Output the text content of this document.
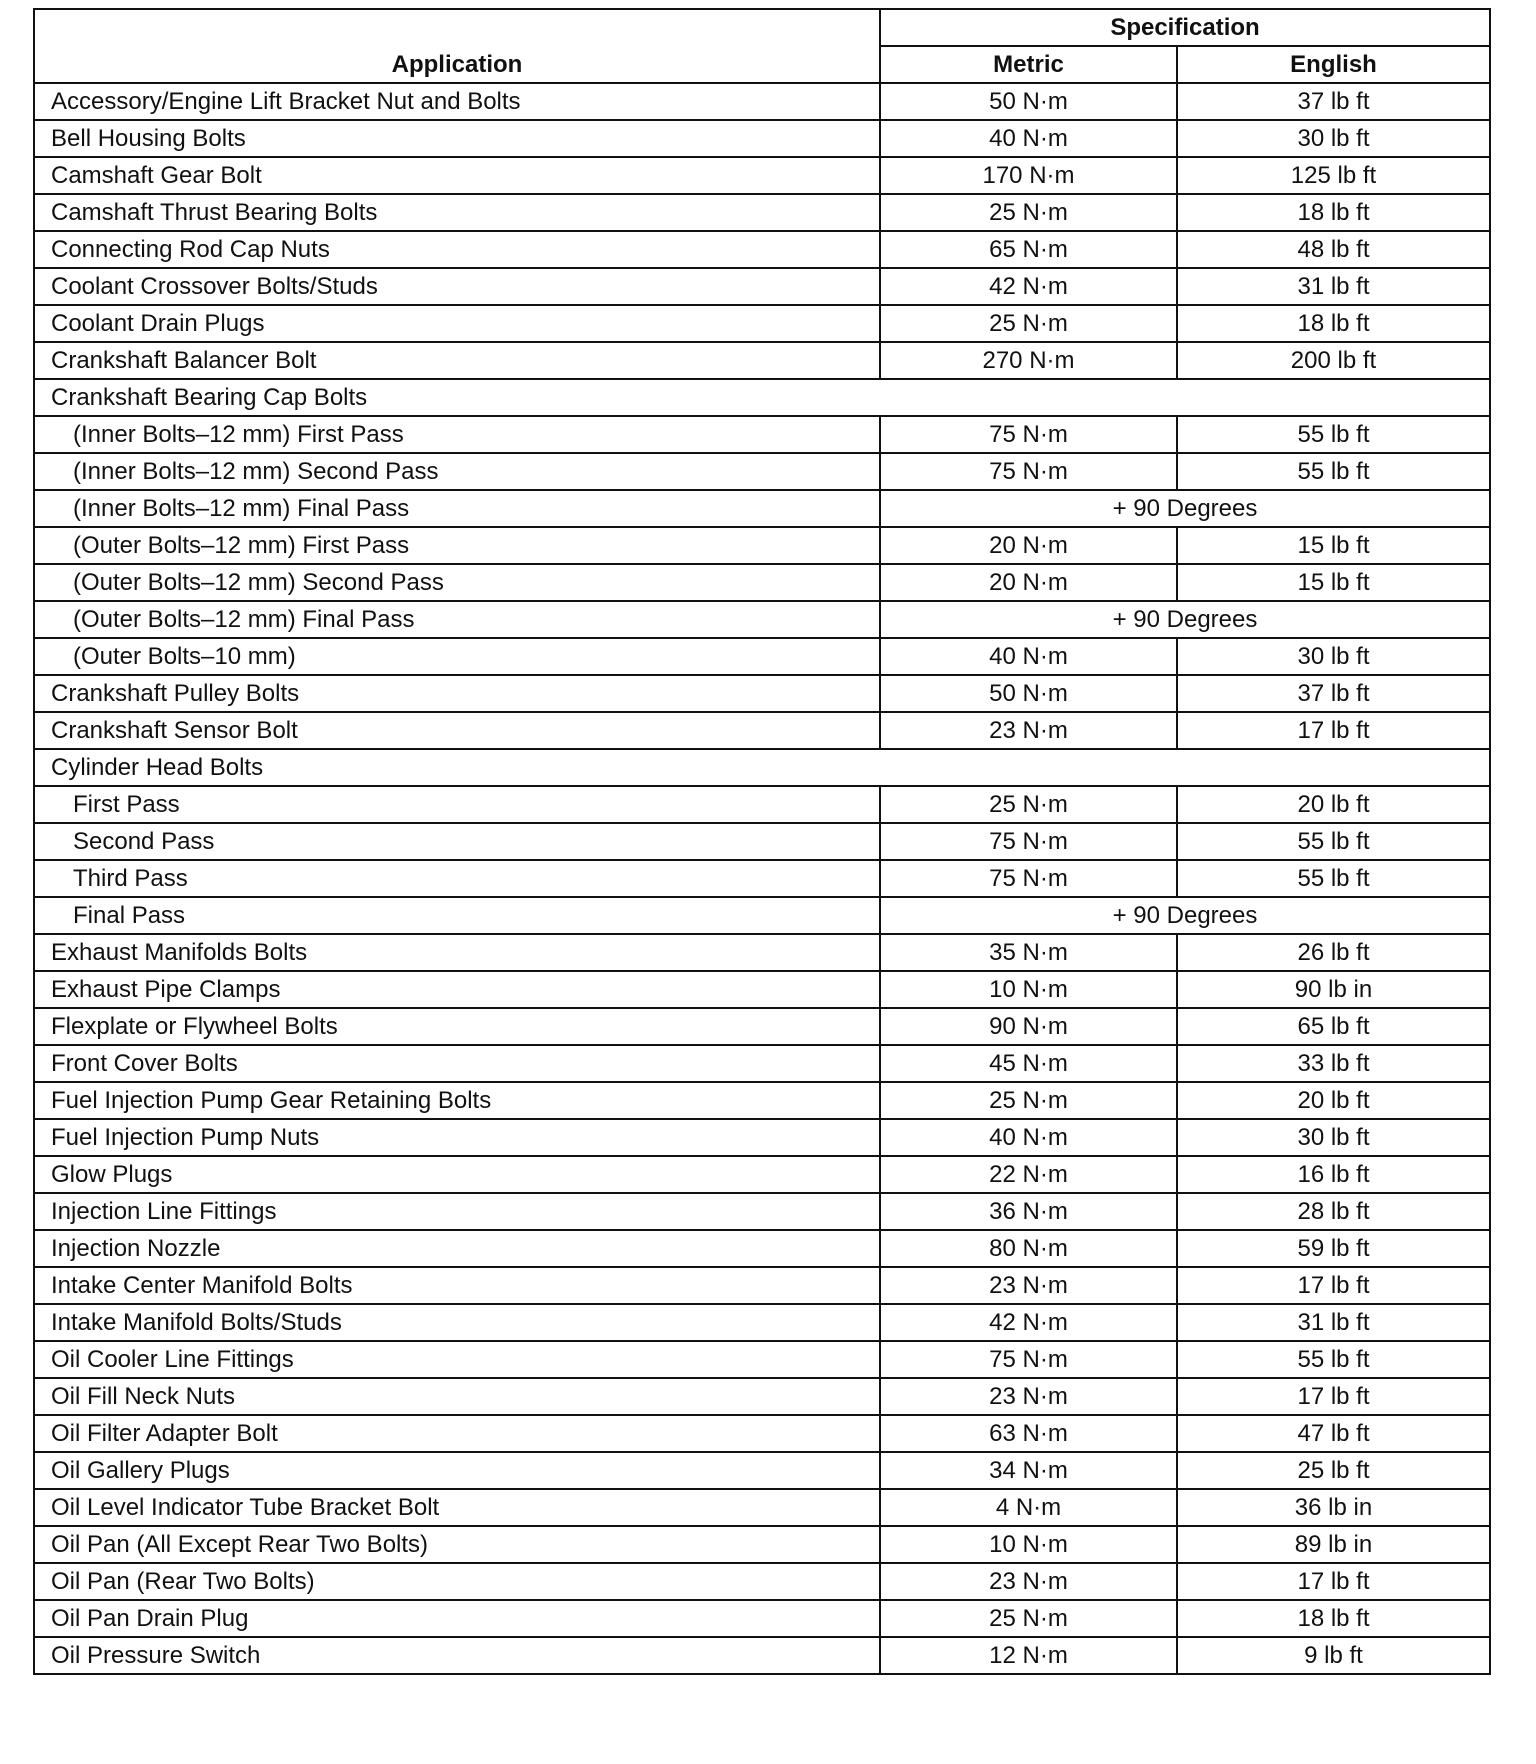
Application	Specification	
	Metric	English
Accessory/Engine Lift Bracket Nut and Bolts	50 N·m	37 lb ft
Bell Housing Bolts	40 N·m	30 lb ft
Camshaft Gear Bolt	170 N·m	125 lb ft
Camshaft Thrust Bearing Bolts	25 N·m	18 lb ft
Connecting Rod Cap Nuts	65 N·m	48 lb ft
Coolant Crossover Bolts/Studs	42 N·m	31 lb ft
Coolant Drain Plugs	25 N·m	18 lb ft
Crankshaft Balancer Bolt	270 N·m	200 lb ft
Crankshaft Bearing Cap Bolts		
(Inner Bolts–12 mm) First Pass	75 N·m	55 lb ft
(Inner Bolts–12 mm) Second Pass	75 N·m	55 lb ft
(Inner Bolts–12 mm) Final Pass	+ 90 Degrees	
(Outer Bolts–12 mm) First Pass	20 N·m	15 lb ft
(Outer Bolts–12 mm) Second Pass	20 N·m	15 lb ft
(Outer Bolts–12 mm) Final Pass	+ 90 Degrees	
(Outer Bolts–10 mm)	40 N·m	30 lb ft
Crankshaft Pulley Bolts	50 N·m	37 lb ft
Crankshaft Sensor Bolt	23 N·m	17 lb ft
Cylinder Head Bolts		
First Pass	25 N·m	20 lb ft
Second Pass	75 N·m	55 lb ft
Third Pass	75 N·m	55 lb ft
Final Pass	+ 90 Degrees	
Exhaust Manifolds Bolts	35 N·m	26 lb ft
Exhaust Pipe Clamps	10 N·m	90 lb in
Flexplate or Flywheel Bolts	90 N·m	65 lb ft
Front Cover Bolts	45 N·m	33 lb ft
Fuel Injection Pump Gear Retaining Bolts	25 N·m	20 lb ft
Fuel Injection Pump Nuts	40 N·m	30 lb ft
Glow Plugs	22 N·m	16 lb ft
Injection Line Fittings	36 N·m	28 lb ft
Injection Nozzle	80 N·m	59 lb ft
Intake Center Manifold Bolts	23 N·m	17 lb ft
Intake Manifold Bolts/Studs	42 N·m	31 lb ft
Oil Cooler Line Fittings	75 N·m	55 lb ft
Oil Fill Neck Nuts	23 N·m	17 lb ft
Oil Filter Adapter Bolt	63 N·m	47 lb ft
Oil Gallery Plugs	34 N·m	25 lb ft
Oil Level Indicator Tube Bracket Bolt	4 N·m	36 lb in
Oil Pan (All Except Rear Two Bolts)	10 N·m	89 lb in
Oil Pan (Rear Two Bolts)	23 N·m	17 lb ft
Oil Pan Drain Plug	25 N·m	18 lb ft
Oil Pressure Switch	12 N·m	9 lb ft
